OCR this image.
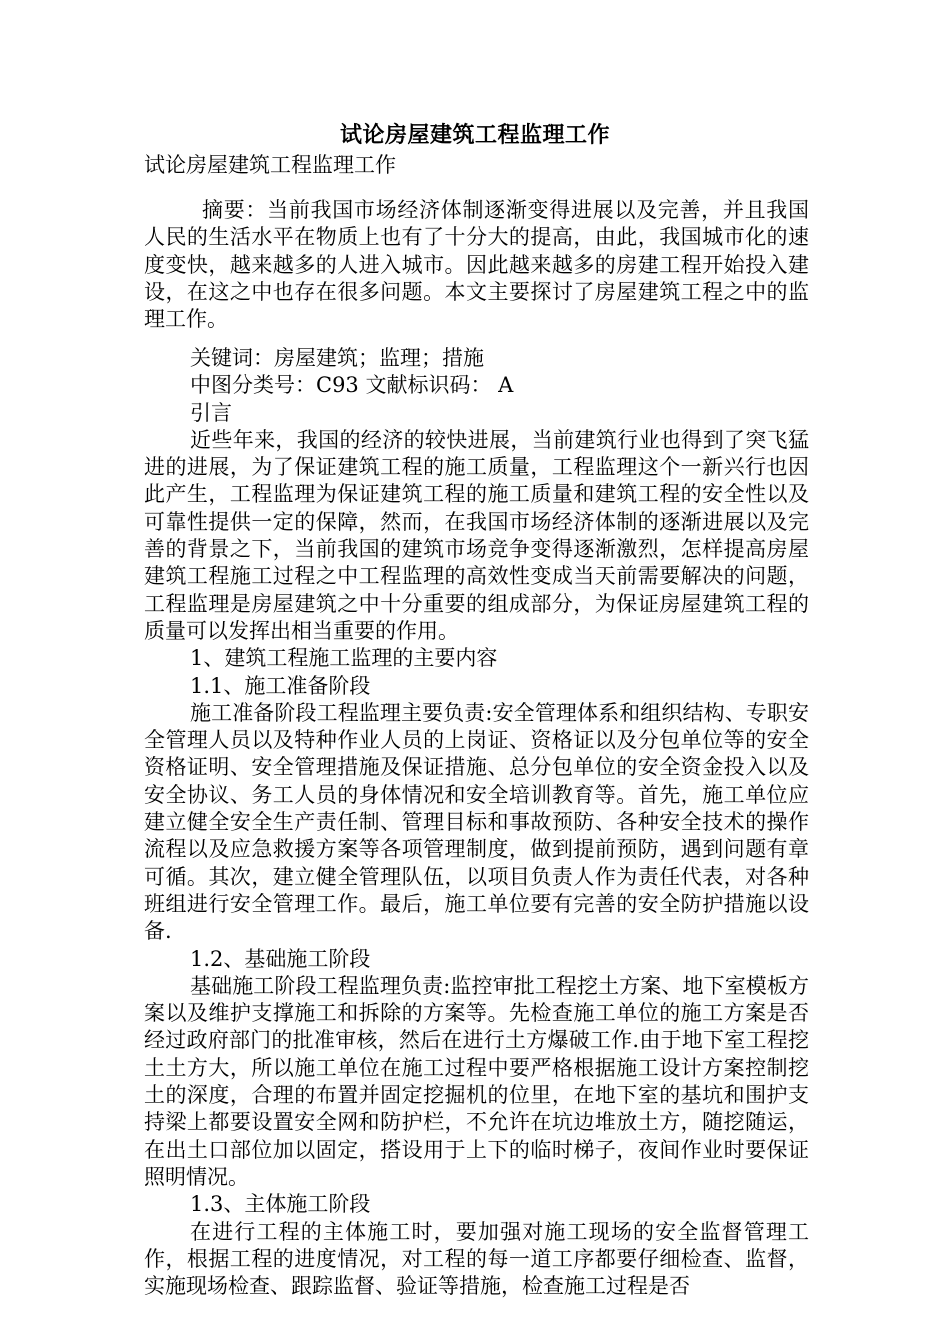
试论房屋建筑工程监理工作
试论房屋建筑工程监理工作

摘要：当前我国市场经济体制逐渐变得进展以及完善，并且我国人民的生活水平在物质上也有了十分大的提高，由此，我国城市化的速度变快，越来越多的人进入城市。因此越来越多的房建工程开始投入建设，在这之中也存在很多问题。本文主要探讨了房屋建筑工程之中的监理工作。

关键词：房屋建筑；监理；措施

中图分类号：C93 文献标识码： A

引言

近些年来，我国的经济的较快进展，当前建筑行业也得到了突飞猛进的进展，为了保证建筑工程的施工质量，工程监理这个一新兴行也因此产生，工程监理为保证建筑工程的施工质量和建筑工程的安全性以及可靠性提供一定的保障，然而，在我国市场经济体制的逐渐进展以及完善的背景之下，当前我国的建筑市场竞争变得逐渐激烈，怎样提高房屋建筑工程施工过程之中工程监理的高效性变成当天前需要解决的问题，工程监理是房屋建筑之中十分重要的组成部分，为保证房屋建筑工程的质量可以发挥出相当重要的作用。

1、建筑工程施工监理的主要内容

1.1、施工准备阶段

施工准备阶段工程监理主要负责:安全管理体系和组织结构、专职安全管理人员以及特种作业人员的上岗证、资格证以及分包单位等的安全资格证明、安全管理措施及保证措施、总分包单位的安全资金投入以及安全协议、务工人员的身体情况和安全培训教育等。首先，施工单位应建立健全安全生产责任制、管理目标和事故预防、各种安全技术的操作流程以及应急救援方案等各项管理制度，做到提前预防，遇到问题有章可循。其次，建立健全管理队伍，以项目负责人作为责任代表，对各种班组进行安全管理工作。最后，施工单位要有完善的安全防护措施以设备.

1.2、基础施工阶段

基础施工阶段工程监理负责:监控审批工程挖土方案、地下室模板方案以及维护支撑施工和拆除的方案等。先检查施工单位的施工方案是否经过政府部门的批准审核，然后在进行土方爆破工作.由于地下室工程挖土土方大，所以施工单位在施工过程中要严格根据施工设计方案控制挖土的深度，合理的布置并固定挖掘机的位里，在地下室的基坑和围护支持梁上都要设置安全网和防护栏，不允许在坑边堆放土方，随挖随运，在出土口部位加以固定，搭设用于上下的临时梯子，夜间作业时要保证照明情况。

1.3、主体施工阶段

在进行工程的主体施工时，要加强对施工现场的安全监督管理工作，根据工程的进度情况，对工程的每一道工序都要仔细检查、监督，实施现场检查、跟踪监督、验证等措施，检查施工过程是否
